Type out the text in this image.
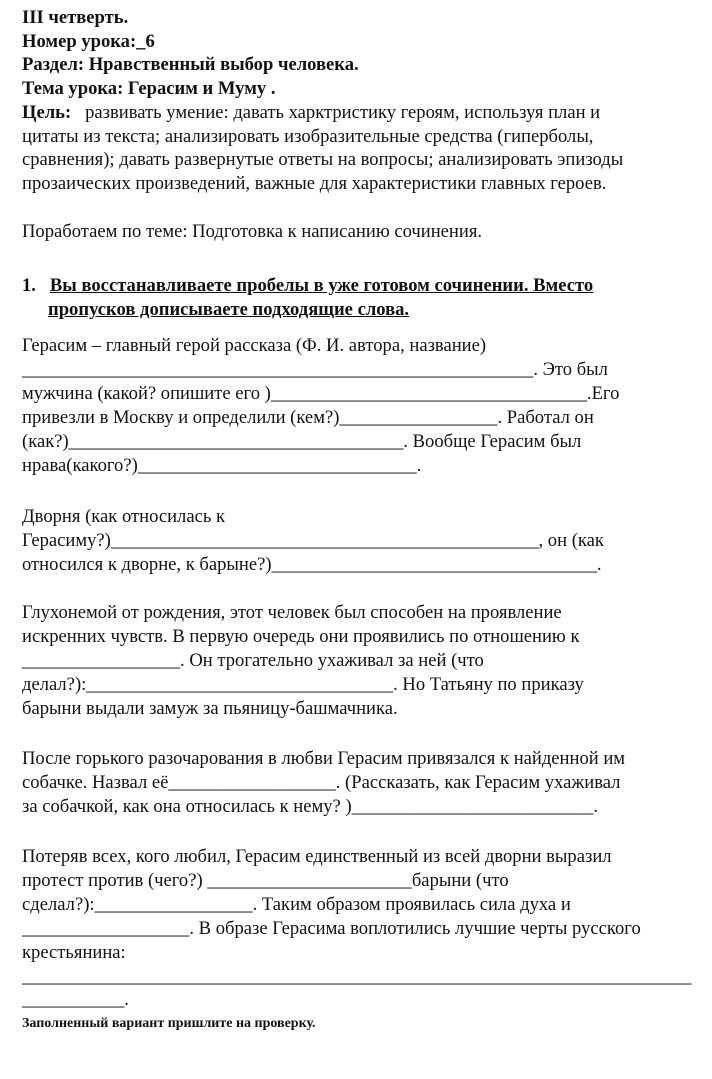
III четверть.
Номер урока:_6
Раздел: Нравственный выбор человека.
Тема урока: Герасим и Муму .
Цель: развивать умение: давать харктристику героям, используя план и
цитаты из текста; анализировать изобразительные средства (гиперболы,
сравнения); давать развернутые ответы на вопросы; анализировать эпизоды
прозаических произведений, важные для характеристики главных героев.
Поработаем по теме: Подготовка к написанию сочинения.
1. Вы восстанавливаете пробелы в уже готовом сочинении. Вместо
пропусков дописываете подходящие слова.
Герасим – главный герой рассказа (Ф. И. автора, название)
_______________________________________________________. Это был
мужчина (какой? опишите его )__________________________________.Его
привезли в Москву и определили (кем?)_________________. Работал он
(как?)____________________________________. Вообще Герасим был
нрава(какого?)______________________________.
Дворня (как относилась к
Герасиму?)______________________________________________, он (как
относился к дворне, к барыне?)___________________________________.
Глухонемой от рождения, этот человек был способен на проявление
искренних чувств. В первую очередь они проявились по отношению к
_________________. Он трогательно ухаживал за ней (что
делал?):_________________________________. Но Татьяну по приказу
барыни выдали замуж за пьяницу-башмачника.
После горького разочарования в любви Герасим привязался к найденной им
собачке. Назвал её__________________. (Рассказать, как Герасим ухаживал
за собачкой, как она относилась к нему? )__________________________.
Потеряв всех, кого любил, Герасим единственный из всей дворни выразил
протест против (чего?) ______________________барыни (что
сделал?):_________________. Таким образом проявилась сила духа и
__________________. В образе Герасима воплотились лучшие черты русского
крестьянина:
________________________________________________________________________
___________.
Заполненный вариант пришлите на проверку.
